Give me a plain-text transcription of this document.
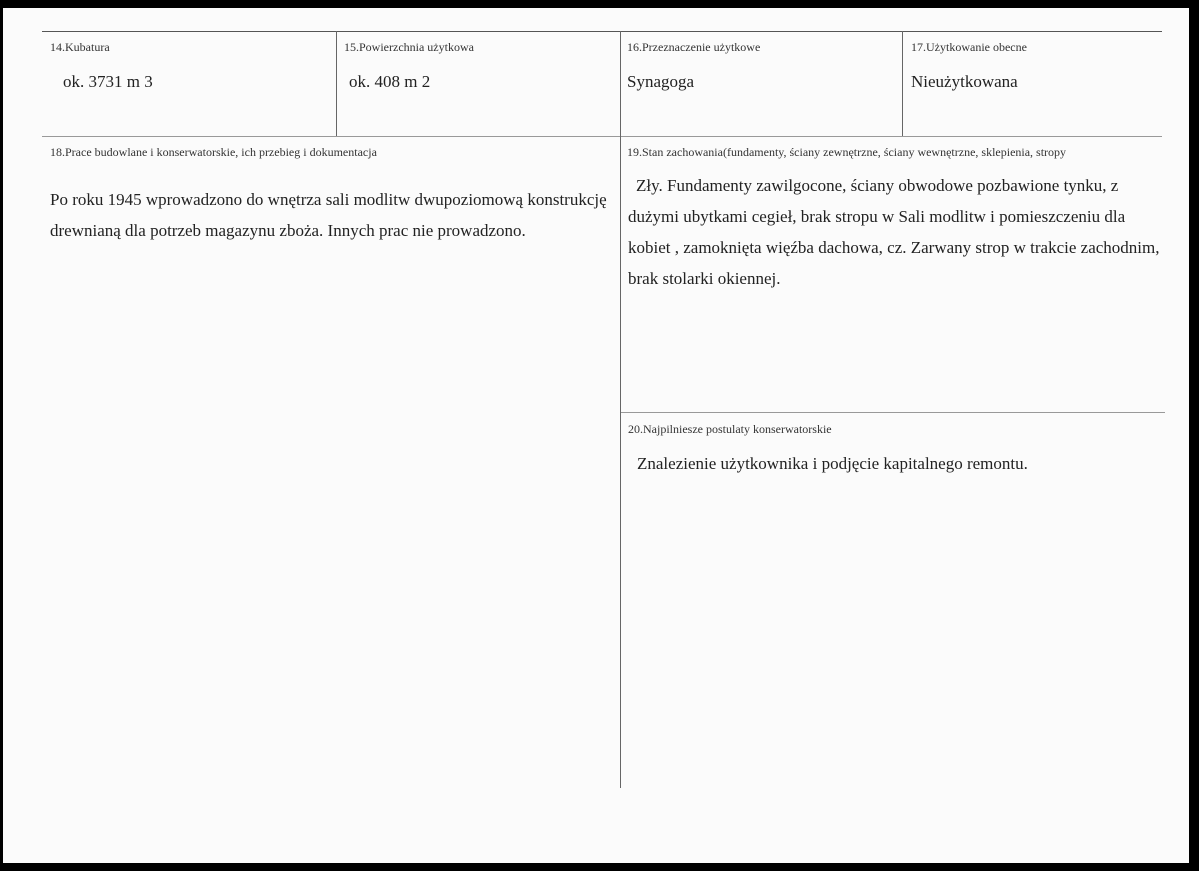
14.Kubatura
ok. 3731 m 3
15.Powierzchnia użytkowa
ok. 408 m 2
16.Przeznaczenie użytkowe
Synagoga
17.Użytkowanie obecne
Nieużytkowana
18.Prace budowlane i konserwatorskie, ich przebieg i dokumentacja

Po roku 1945 wprowadzono do wnętrza sali modlitw dwupoziomową konstrukcję

drewnianą dla potrzeb magazynu zboża. Innych prac nie prowadzono.

19.Stan zachowania(fundamenty, ściany zewnętrzne, ściany wewnętrzne, sklepienia, stropy

Zły. Fundamenty zawilgocone, ściany obwodowe pozbawione tynku, z

dużymi ubytkami cegieł, brak stropu w Sali modlitw i pomieszczeniu dla

kobiet , zamoknięta więźba dachowa, cz. Zarwany strop w trakcie zachodnim,

brak stolarki okiennej.

20.Najpilniesze postulaty konserwatorskie
Znalezienie użytkownika i podjęcie kapitalnego remontu.
